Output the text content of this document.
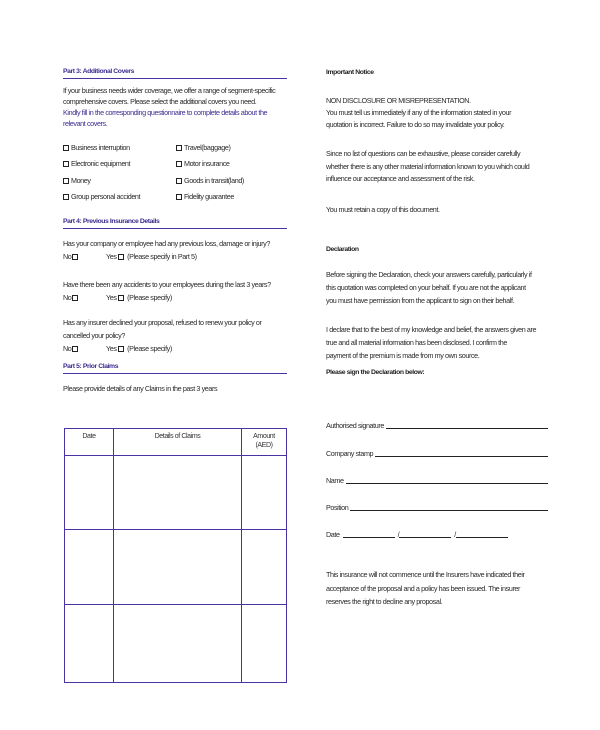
Part 3: Additional Covers
If your business needs wider coverage, we offer a range of segment-specific
comprehensive covers. Please select the additional covers you need.
Kindly fill in the corresponding questionnaire to complete details about the
relevant covers.
Business interruption
Electronic equipment
Money
Group personal accident
Travel(baggage)
Motor insurance
Goods in transit(land)
Fidelity guarantee
Part 4: Previous Insurance Details
Has your company or employee had any previous loss, damage or injury?
No	Yes (Please specify in Part 5)
Have there been any accidents to your employees during the last 3 years?
No	Yes (Please specify)
Has any insurer declined your proposal, refused to renew your policy or
cancelled your policy?
No	Yes (Please specify)
Part 5: Prior Claims
Please provide details of any Claims in the past 3 years
Date	Details of Claims	Amount
(AED)

Important Notice
NON DISCLOSURE OR MISREPRESENTATION.
You must tell us immediately if any of the information stated in your
quotation is incorrect. Failure to do so may invalidate your policy.
Since no list of questions can be exhaustive, please consider carefully
whether there is any other material information known to you which could
influence our acceptance and assessment of the risk.
You must retain a copy of this document.
Declaration
Before signing the Declaration, check your answers carefully, particularly if
this quotation was completed on your behalf. If you are not the applicant
you must have permission from the applicant to sign on their behalf.
I declare that to the best of my knowledge and belief, the answers given are
true and all material information has been disclosed. I confirm the
payment of the premium is made from my own source.
Please sign the Declaration below:
Authorised signature
Company stamp
Name
Position
Date	/	/
This insurance will not commence until the Insurers have indicated their
acceptance of the proposal and a policy has been issued. The insurer
reserves the right to decline any proposal.
